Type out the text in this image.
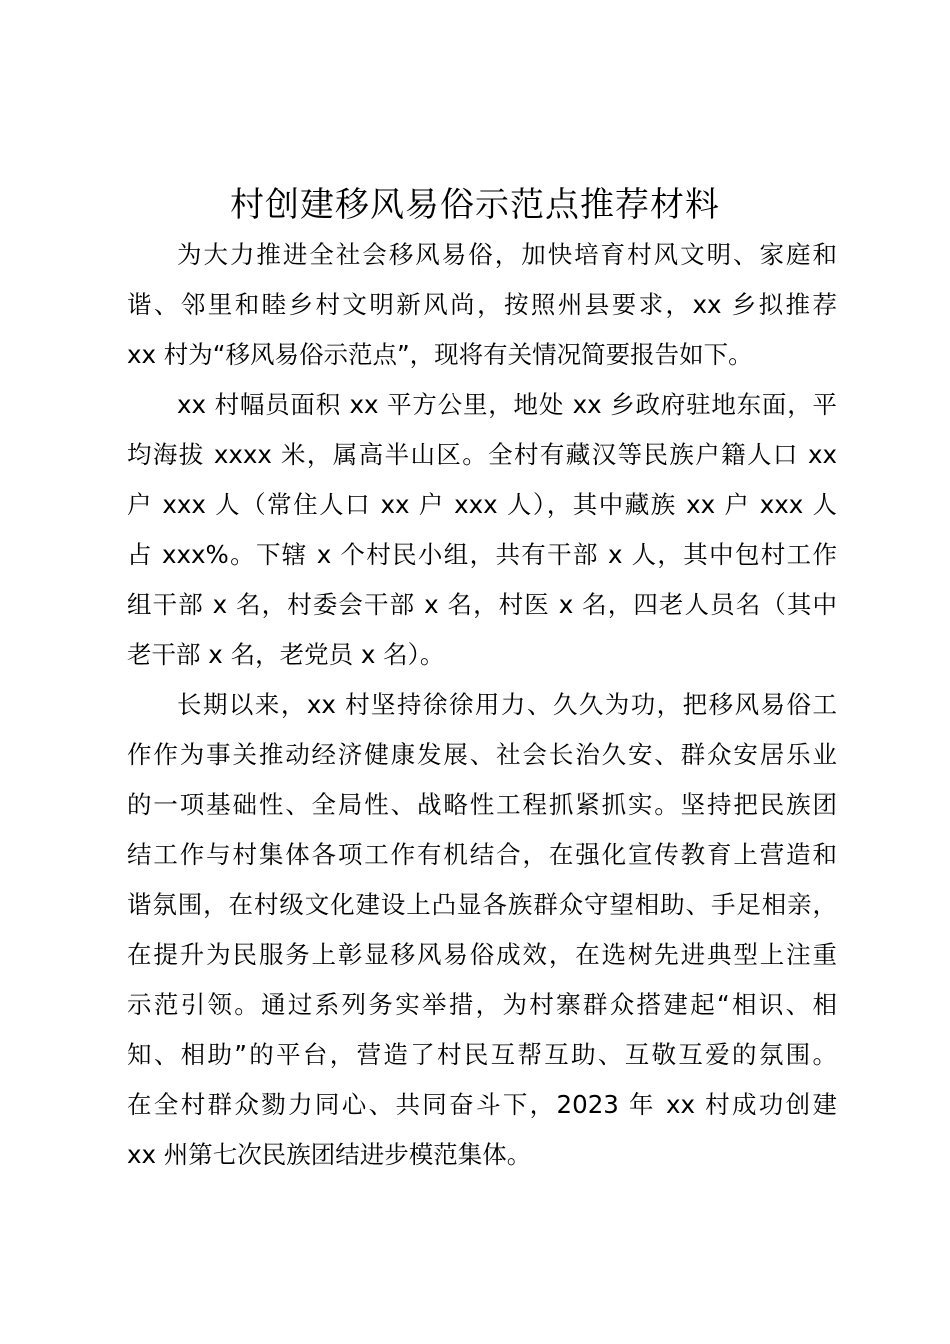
村创建移风易俗示范点推荐材料
为大力推进全社会移风易俗，加快培育村风文明、家庭和
谐、邻里和睦乡村文明新风尚，按照州县要求，xx 乡拟推荐
xx 村为“移风易俗示范点”，现将有关情况简要报告如下。
xx 村幅员面积 xx 平方公里，地处 xx 乡政府驻地东面，平
均海拔 xxxx 米，属高半山区。全村有藏汉等民族户籍人口 xx
户 xxx 人（常住人口 xx 户 xxx 人），其中藏族 xx 户 xxx 人
占 xxx%。下辖 x 个村民小组，共有干部 x 人，其中包村工作
组干部 x 名，村委会干部 x 名，村医 x 名，四老人员名（其中
老干部 x 名，老党员 x 名）。
长期以来，xx 村坚持徐徐用力、久久为功，把移风易俗工
作作为事关推动经济健康发展、社会长治久安、群众安居乐业
的一项基础性、全局性、战略性工程抓紧抓实。坚持把民族团
结工作与村集体各项工作有机结合，在强化宣传教育上营造和
谐氛围，在村级文化建设上凸显各族群众守望相助、手足相亲，
在提升为民服务上彰显移风易俗成效，在选树先进典型上注重
示范引领。通过系列务实举措，为村寨群众搭建起“相识、相
知、相助”的平台，营造了村民互帮互助、互敬互爱的氛围。
在全村群众勠力同心、共同奋斗下，2023 年 xx 村成功创建
xx 州第七次民族团结进步模范集体。
